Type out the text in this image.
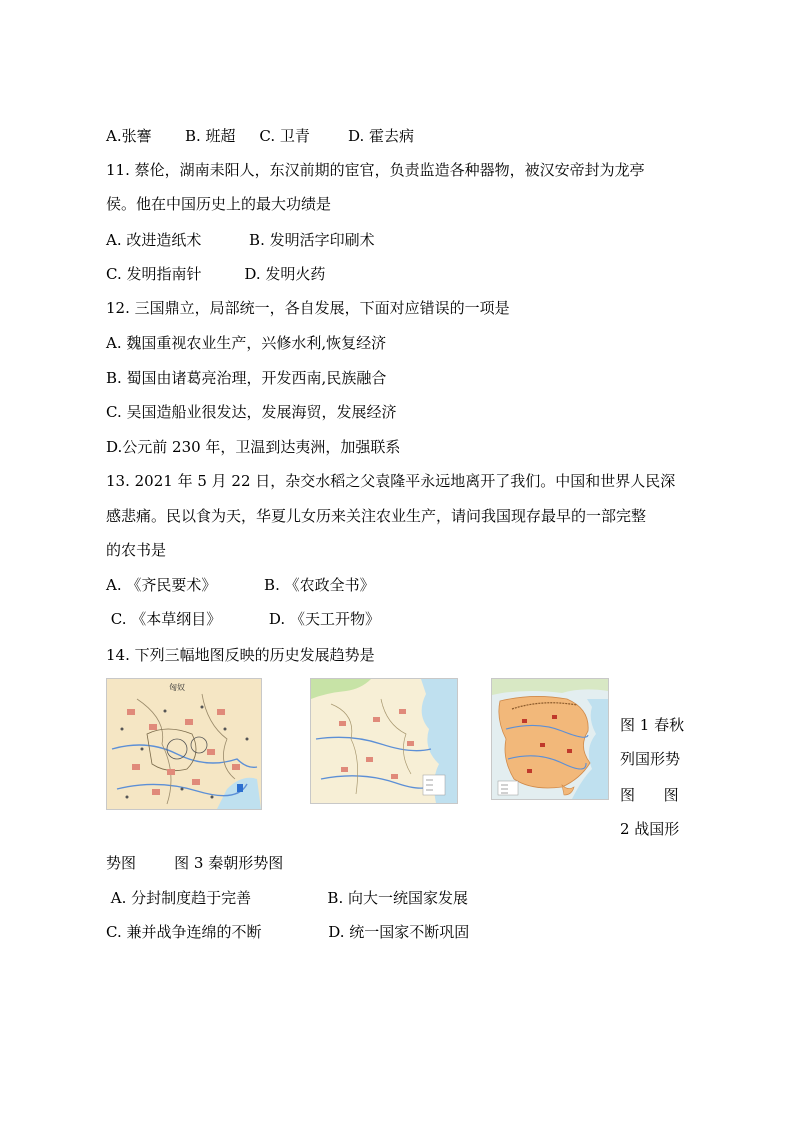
A.张謇       B. 班超     C. 卫青        D. 霍去病
11. 蔡伦，湖南耒阳人，东汉前期的宦官，负责监造各种器物，被汉安帝封为龙亭
侯。他在中国历史上的最大功绩是
A. 改进造纸术          B. 发明活字印刷术
C. 发明指南针         D. 发明火药
12. 三国鼎立，局部统一，各自发展，下面对应错误的一项是
A. 魏国重视农业生产，兴修水利,恢复经济
B. 蜀国由诸葛亮治理，开发西南,民族融合
C. 吴国造船业很发达，发展海贸，发展经济
D.公元前 230 年，卫温到达夷洲，加强联系
13. 2021 年 5 月 22 日，杂交水稻之父袁隆平永远地离开了我们。中国和世界人民深
感悲痛。民以食为天，华夏儿女历来关注农业生产，请问我国现存最早的一部完整
的农书是
A. 《齐民要术》          B. 《农政全书》
C. 《本草纲目》          D. 《天工开物》
14. 下列三幅地图反映的历史发展趋势是
匈奴
图 1 春秋
列国形势
图      图
2 战国形
势图        图 3 秦朝形势图
A. 分封制度趋于完善                B. 向大一统国家发展
C. 兼并战争连绵的不断              D. 统一国家不断巩固
